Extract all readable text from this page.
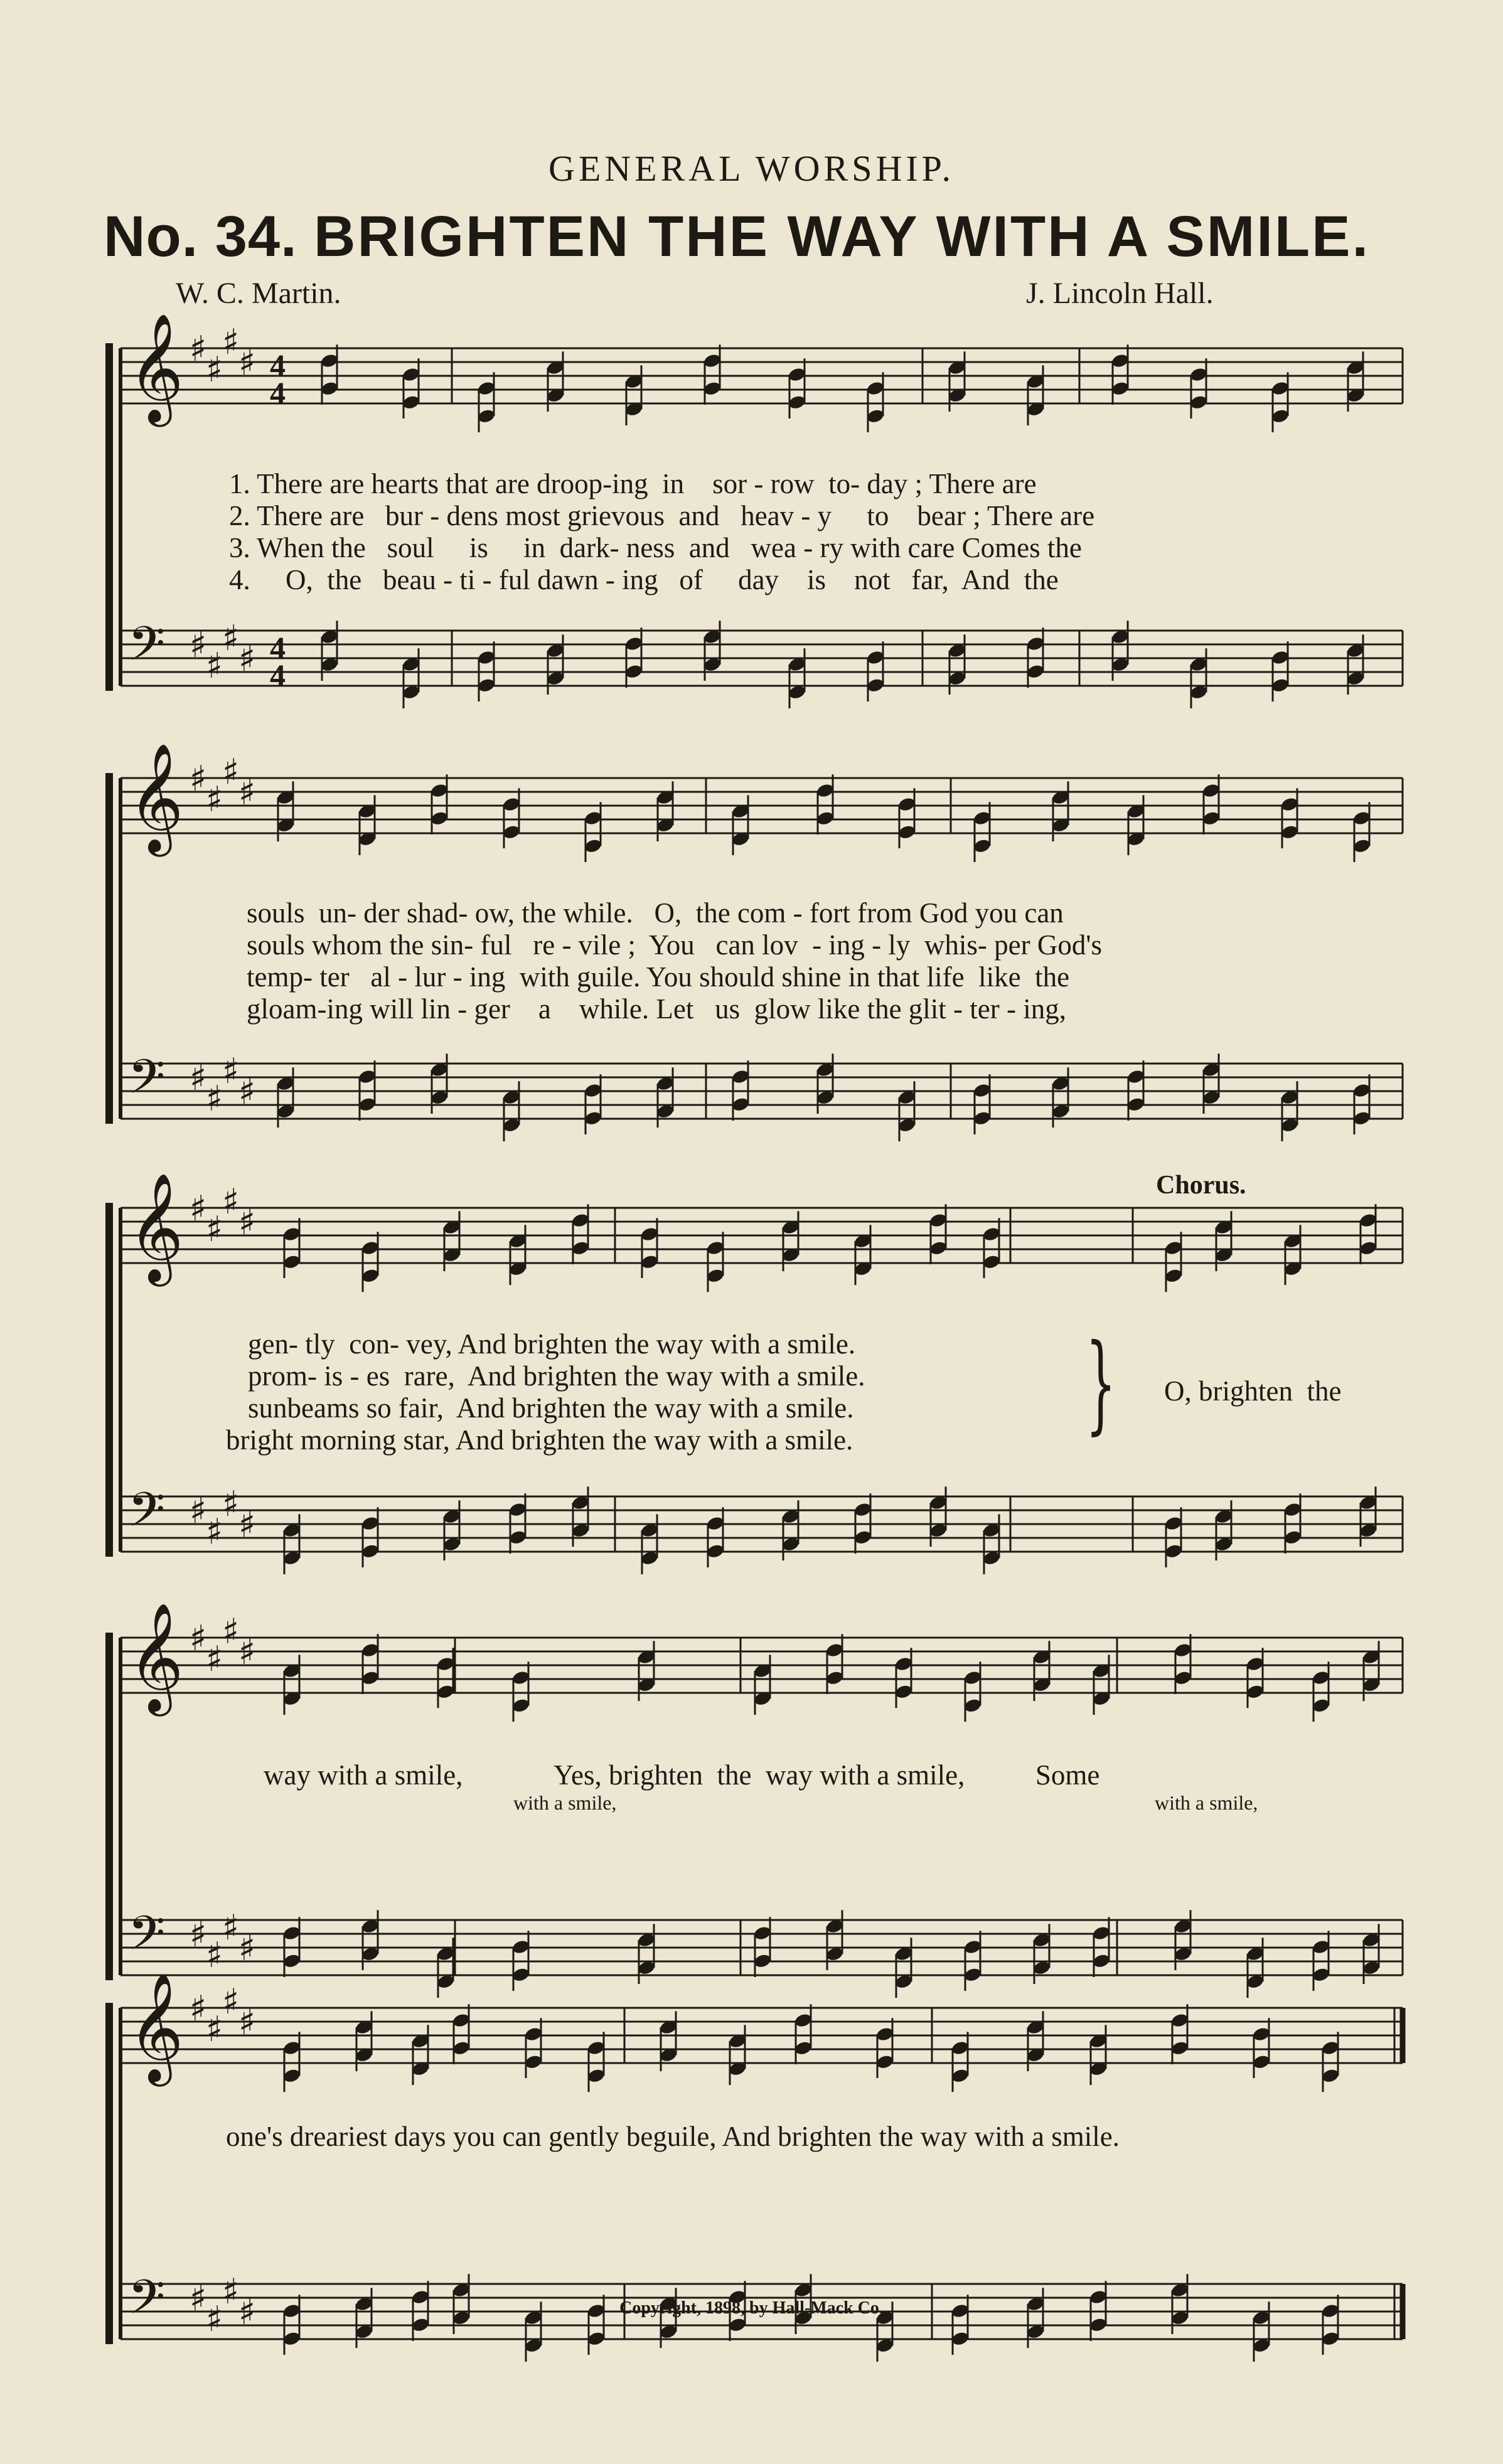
GENERAL WORSHIP.
No. 34. BRIGHTEN THE WAY WITH A SMILE.
W. C. Martin.	J. Lincoln Hall.
𝄞 ♯
♯
♯
♯ 4
4
𝄢 ♯
♯
♯
♯ 4
4
𝄞 ♯
♯
♯
♯
𝄢 ♯
♯
♯
♯
𝄞 ♯
♯
♯
♯
𝄢 ♯
♯
♯
♯
𝄞 ♯
♯
♯
♯
𝄢 ♯
♯
♯
♯
𝄞 ♯
♯
♯
♯
𝄢 ♯
♯
♯
♯
1. There are hearts that are droop-ing  in    sor - row  to- day ; There are
2. There are   bur - dens most grievous  and   heav - y     to    bear ; There are
3. When the   soul     is     in  dark- ness  and   wea - ry with care Comes the
4.     O,  the   beau - ti - ful dawn - ing   of     day    is    not   far,  And  the
souls  un- der shad- ow, the while.   O,  the com - fort from God you can
souls whom the sin- ful   re - vile ;  You   can lov  - ing - ly  whis- per God's
temp- ter   al - lur - ing  with guile. You should shine in that life  like  the
gloam-ing will lin - ger    a    while. Let   us  glow like the glit - ter - ing,
gen- tly  con- vey, And brighten the way with a smile.
prom- is - es  rare,  And brighten the way with a smile.
sunbeams so fair,  And brighten the way with a smile.
bright morning star, And brighten the way with a smile. }
Chorus.
O, brighten  the
way with a smile,             Yes, brighten  the  way with a smile,          Some
with a smile,	with a smile,
one's dreariest days you can gently beguile, And brighten the way with a smile.
Copyright, 1898, by Hall-Mack Co.
